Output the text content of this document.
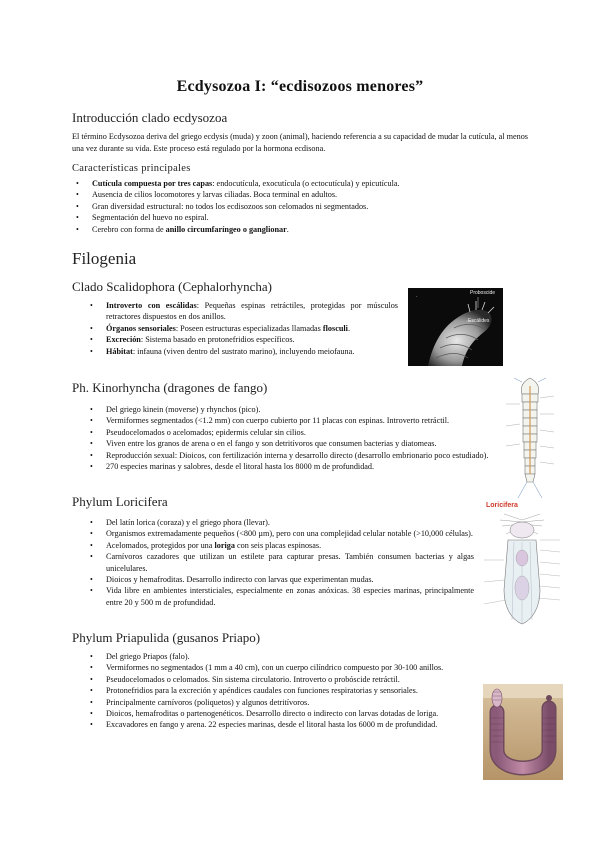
Ecdysozoa I: “ecdisozoos menores”
Introducción clado ecdysozoa
El término Ecdysozoa deriva del griego ecdysis (muda) y zoon (animal), haciendo referencia a su capacidad de mudar la cutícula, al menos una vez durante su vida. Este proceso está regulado por la hormona ecdisona.
Características principales
• Cutícula compuesta por tres capas: endocutícula, exocutícula (o ectocutícula) y epicutícula.
• Ausencia de cilios locomotores y larvas ciliadas. Boca terminal en adultos.
• Gran diversidad estructural: no todos los ecdisozoos son celomados ni segmentados.
• Segmentación del huevo no espiral.
• Cerebro con forma de anillo circumfaríngeo o ganglionar.
Filogenia
Clado Scalidophora (Cephalorhyncha)
• Introverto con escálidas: Pequeñas espinas retráctiles, protegidas por músculos retractores dispuestos en dos anillos.
• Órganos sensoriales: Poseen estructuras especializadas llamadas flosculi.
• Excreción: Sistema basado en protonefridios específicos.
• Hábitat: infauna (viven dentro del sustrato marino), incluyendo meiofauna.
Proboscide
·
Escálides
Ph. Kinorhyncha (dragones de fango)
• Del griego kinein (moverse) y rhynchos (pico).
• Vermiformes segmentados (<1.2 mm) con cuerpo cubierto por 11 placas con espinas. Introverto retráctil.
• Pseudocelomados o acelomados; epidermis celular sin cilios.
• Viven entre los granos de arena o en el fango y son detritívoros que consumen bacterias y diatomeas.
• Reproducción sexual: Dioicos, con fertilización interna y desarrollo directo (desarrollo embrionario poco estudiado).
• 270 especies marinas y salobres, desde el litoral hasta los 8000 m de profundidad.
Phylum Loricifera
• Del latín lorica (coraza) y el griego phora (llevar).
• Organismos extremadamente pequeños (<800 µm), pero con una complejidad celular notable (>10,000 células).
• Acelomados, protegidos por una loriga con seis placas espinosas.
• Carnívoros cazadores que utilizan un estilete para capturar presas. También consumen bacterias y algas unicelulares.
• Dioicos y hemafroditas. Desarrollo indirecto con larvas que experimentan mudas.
• Vida libre en ambientes intersticiales, especialmente en zonas anóxicas. 38 especies marinas, principalmente entre 20 y 500 m de profundidad.
Loricifera
Phylum Priapulida (gusanos Priapo)
• Del griego Priapos (falo).
• Vermiformes no segmentados (1 mm a 40 cm), con un cuerpo cilíndrico compuesto por 30-100 anillos.
• Pseudocelomados o celomados. Sin sistema circulatorio. Introverto o probóscide retráctil.
• Protonefridios para la excreción y apéndices caudales con funciones respiratorias y sensoriales.
• Principalmente carnívoros (poliquetos) y algunos detritívoros.
• Dioicos, hemafroditas o partenogenéticos. Desarrollo directo o indirecto con larvas dotadas de loriga.
• Excavadores en fango y arena. 22 especies marinas, desde el litoral hasta los 6000 m de profundidad.
